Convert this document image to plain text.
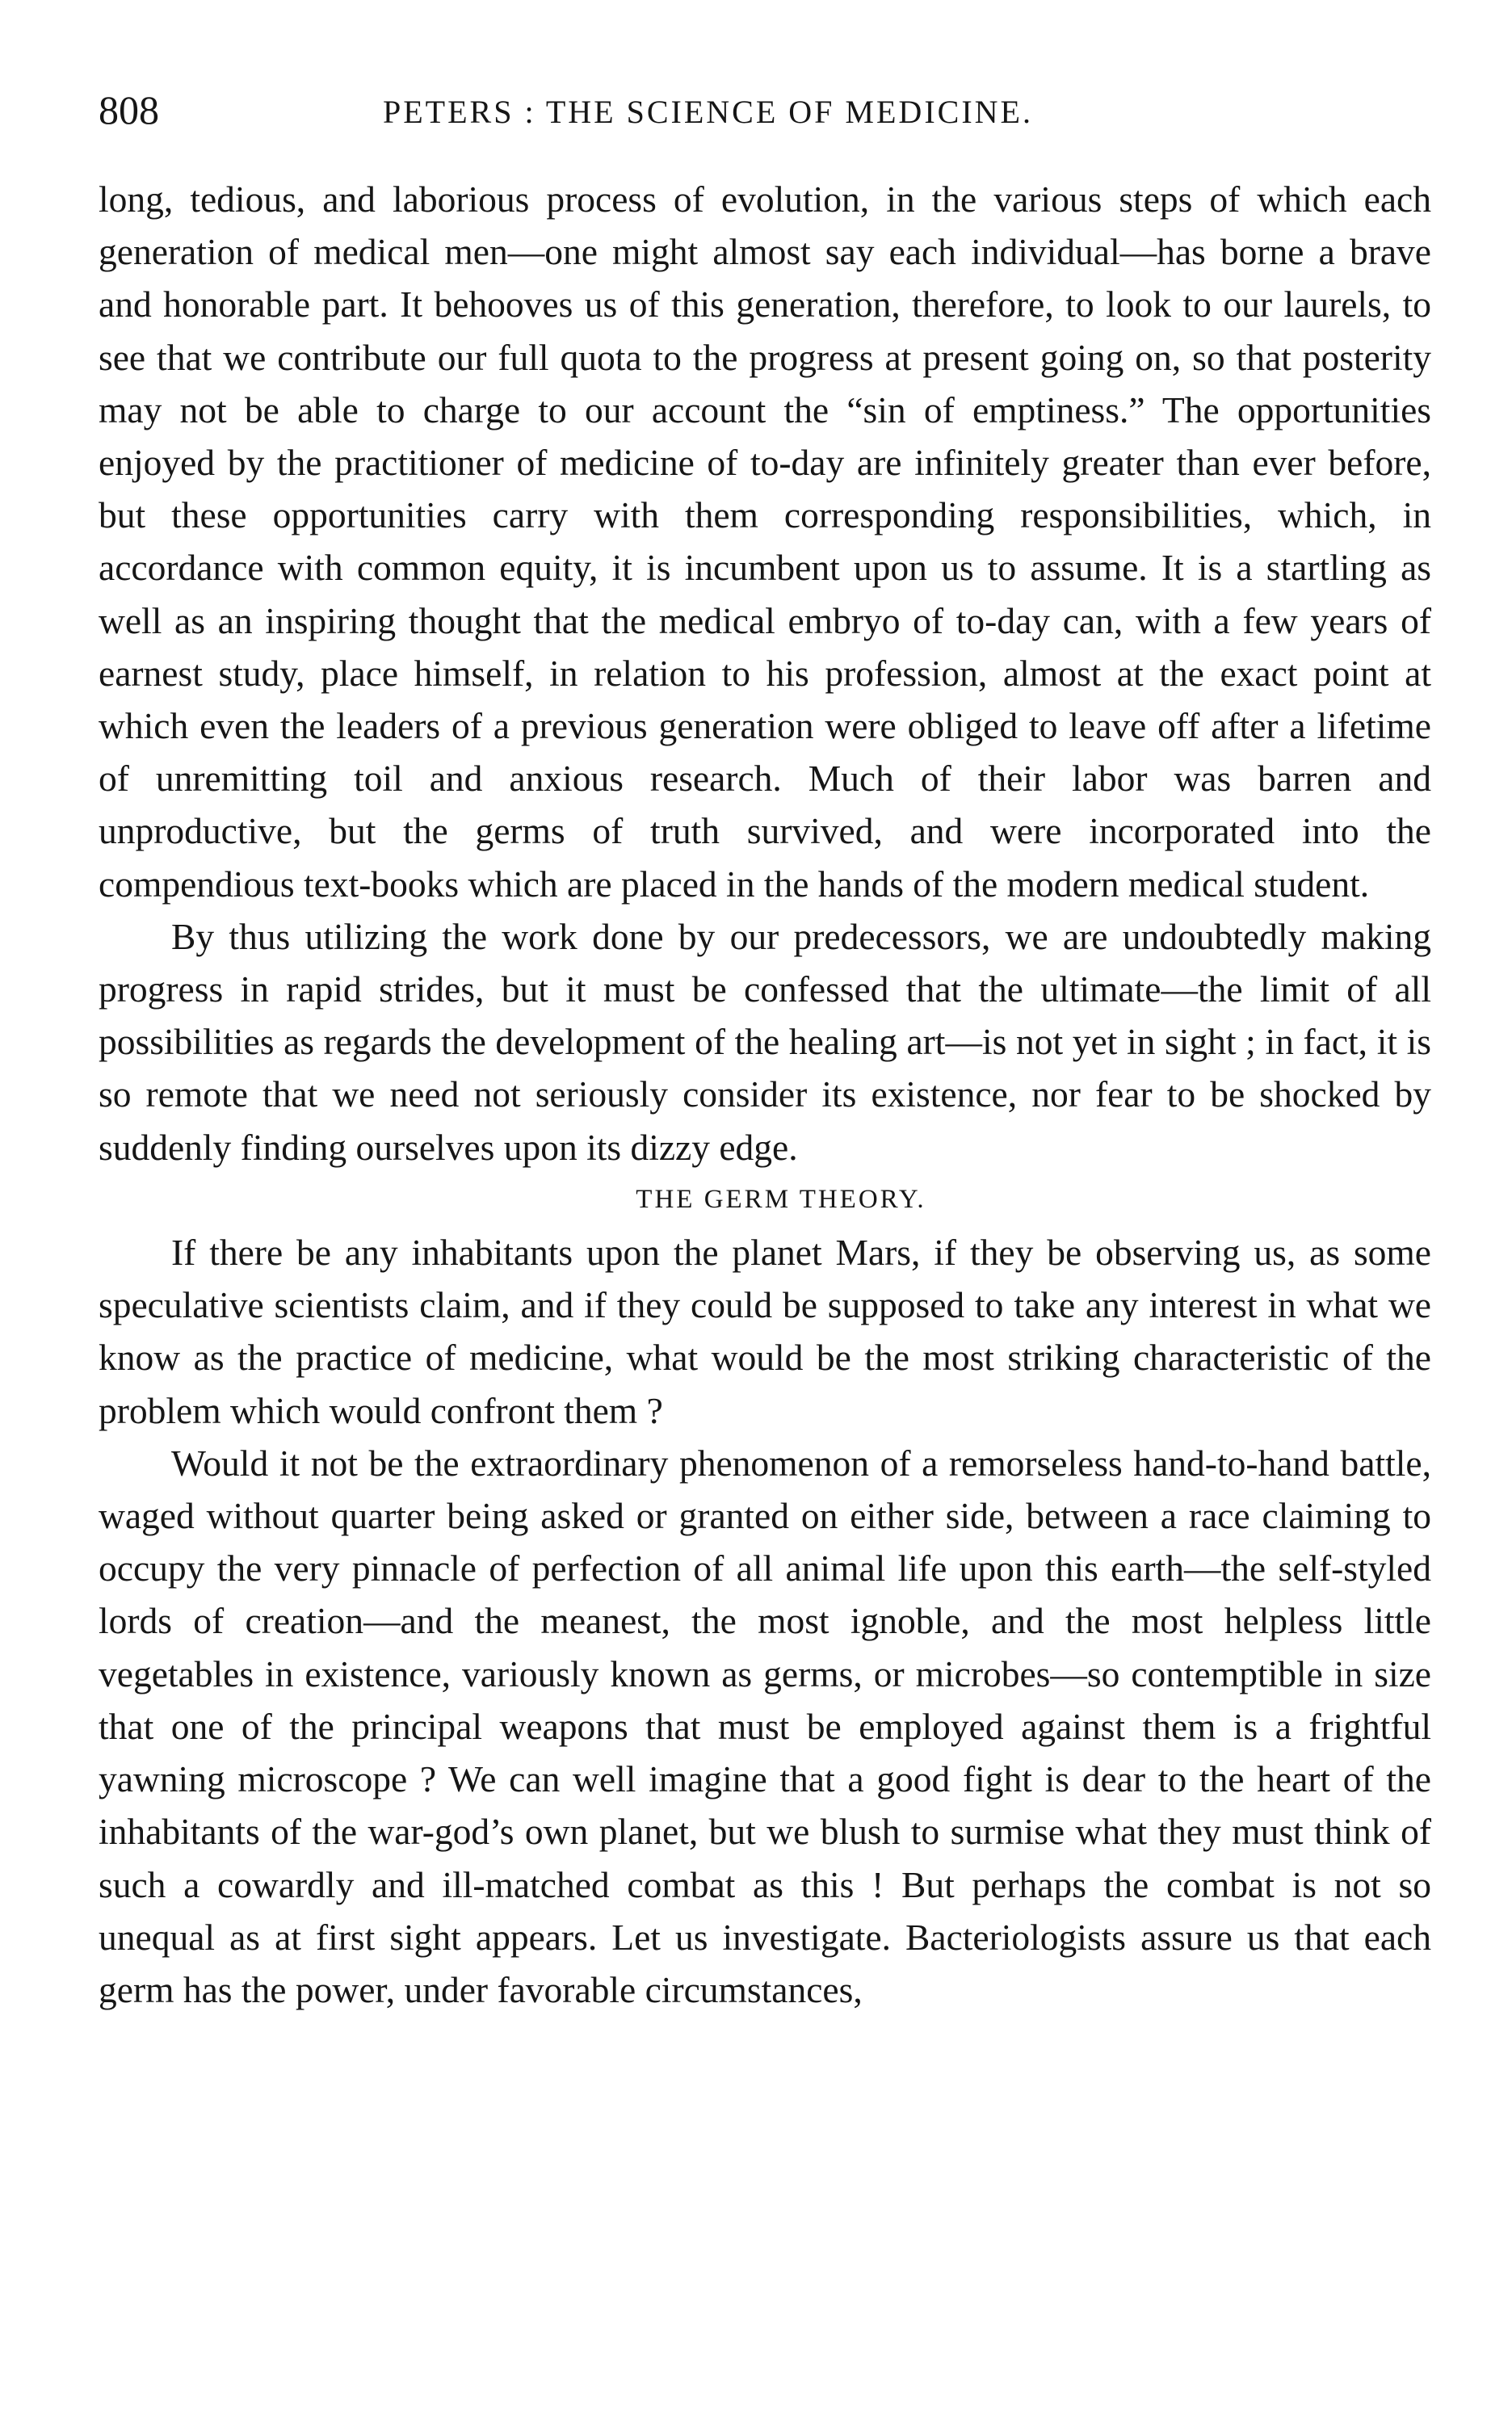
808	PETERS : THE SCIENCE OF MEDICINE.

long, tedious, and laborious process of evolution, in the various steps of which each generation of medical men—one might almost say each individual—has borne a brave and honorable part. It behooves us of this generation, therefore, to look to our laurels, to see that we contribute our full quota to the progress at present going on, so that posterity may not be able to charge to our account the “sin of emptiness.” The opportunities enjoyed by the practitioner of medicine of to-day are infinitely greater than ever before, but these opportunities carry with them corresponding responsibilities, which, in accordance with common equity, it is incumbent upon us to assume. It is a startling as well as an inspiring thought that the medical embryo of to-day can, with a few years of earnest study, place himself, in relation to his profession, almost at the exact point at which even the leaders of a previous generation were obliged to leave off after a lifetime of unremitting toil and anxious research. Much of their labor was barren and unproductive, but the germs of truth survived, and were incorporated into the compendious text-books which are placed in the hands of the modern medical student.

By thus utilizing the work done by our predecessors, we are undoubtedly making progress in rapid strides, but it must be confessed that the ultimate—the limit of all possibilities as regards the development of the healing art—is not yet in sight ; in fact, it is so remote that we need not seriously consider its existence, nor fear to be shocked by suddenly finding ourselves upon its dizzy edge.

THE GERM THEORY.

If there be any inhabitants upon the planet Mars, if they be observing us, as some speculative scientists claim, and if they could be supposed to take any interest in what we know as the practice of medicine, what would be the most striking characteristic of the problem which would confront them ?

Would it not be the extraordinary phenomenon of a remorseless hand-to-hand battle, waged without quarter being asked or granted on either side, between a race claiming to occupy the very pinnacle of perfection of all animal life upon this earth—the self-styled lords of creation—and the meanest, the most ignoble, and the most helpless little vegetables in existence, variously known as germs, or microbes—so contemptible in size that one of the principal weapons that must be employed against them is a frightful yawning microscope ? We can well imagine that a good fight is dear to the heart of the inhabitants of the war-god’s own planet, but we blush to surmise what they must think of such a cowardly and ill-matched combat as this ! But perhaps the combat is not so unequal as at first sight appears. Let us investigate. Bacteriologists assure us that each germ has the power, under favorable circumstances,
